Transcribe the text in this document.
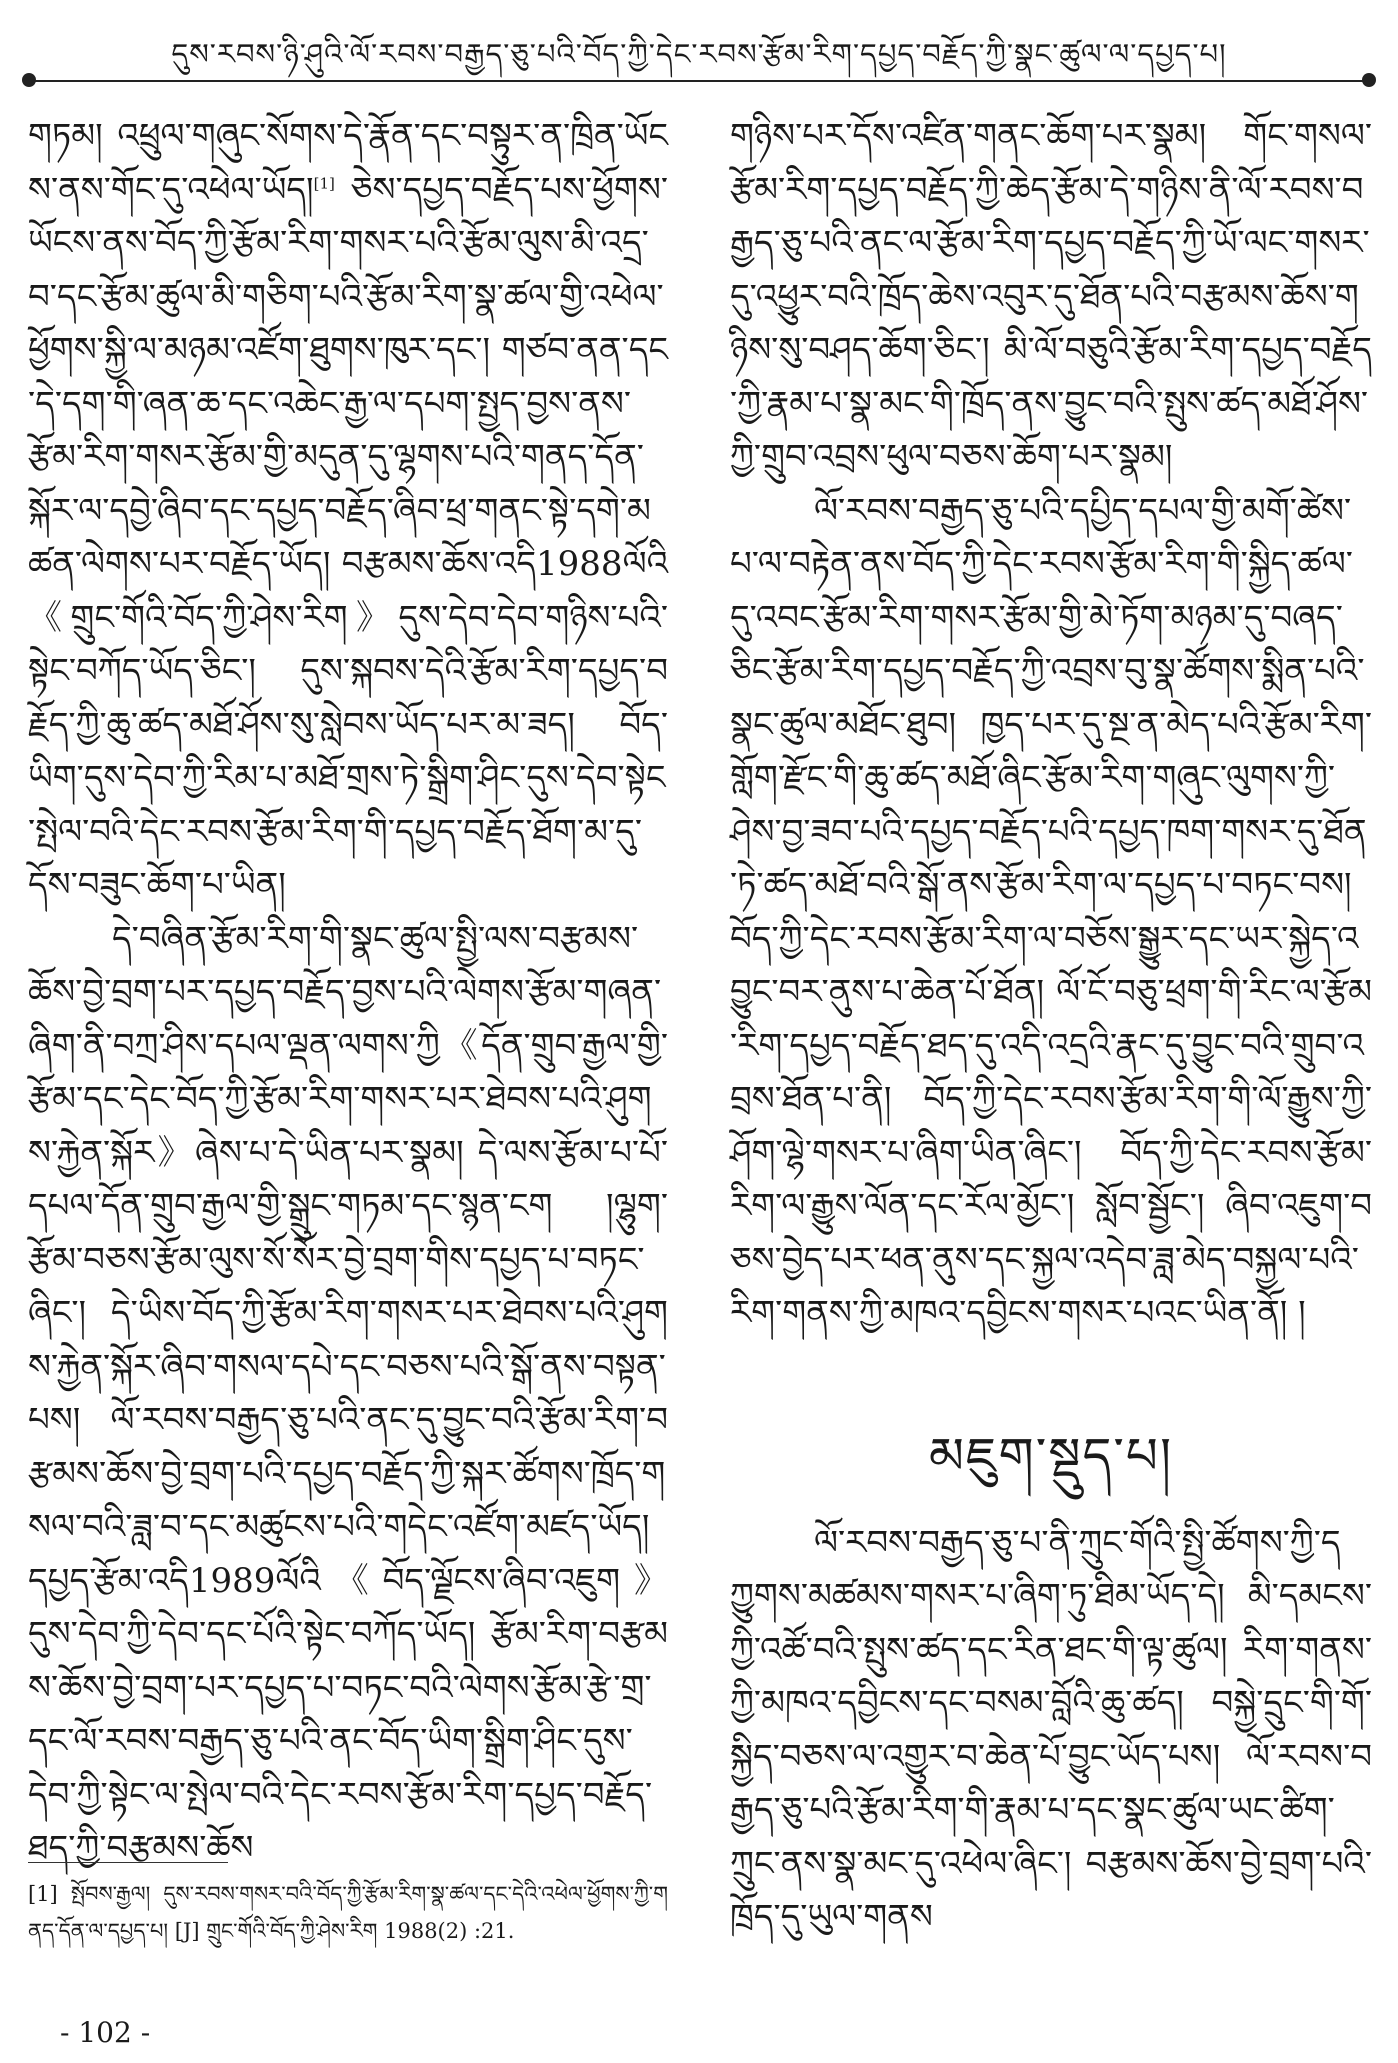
དུས་རབས་ཉི་ཤུའི་ལོ་རབས་བརྒྱད་ཅུ་པའི་བོད་ཀྱི་དེང་རབས་རྩོམ་རིག་དཔྱད་བརྗོད་ཀྱི་སྣང་ཚུལ་ལ་དཔྱད་པ།

གཏམ། འཕྲུལ་གཞུང་སོགས་དེ་རྣོན་དང་བསྟུར་ན་ཁྲིན་ཡོངས་ནས་གོང་དུ་འཕེལ་ཡོད།[1] ཅེས་དཔྱད་བརྗོད་པས་ཕྱོགས་ཡོངས་ནས་བོད་ཀྱི་རྩོམ་རིག་གསར་པའི་རྩོམ་ལུས་མི་འདྲ་བ་དང་རྩོམ་ཚུལ་མི་གཅིག་པའི་རྩོམ་རིག་སྣ་ཚལ་གྱི་འཕེལ་ཕྱོགས་སྐྱི་ལ་མཉམ་འཛོག་ཐུགས་ཁུར་དང་། གཙབ་ནན་དང་དེ་དག་གི་ཞན་ཆ་དང་འཆེང་རྒྱ་ལ་དཔག་སྤྱད་བྱས་ནས་རྩོམ་རིག་གསར་རྩོམ་གྱི་མདུན་དུ་ལྷགས་པའི་གནད་དོན་སྐོར་ལ་དབྱེ་ཞིབ་དང་དཔྱད་བརྗོད་ཞིབ་ཕྲ་གནང་སྟེ་དགེ་མཚན་ལེགས་པར་བརྗོད་ཡོད། བརྩམས་ཆོས་འདི1988ལོའི《གྲུང་གོའི་བོད་ཀྱི་ཤེས་རིག》དུས་དེབ་དེབ་གཉིས་པའི་སྟེང་བཀོད་ཡོད་ཅིང་། དུས་སྐབས་དེའི་རྩོམ་རིག་དཔྱད་བརྗོད་ཀྱི་ཆུ་ཚད་མཐོ་ཤོས་སུ་སླེབས་ཡོད་པར་མ་ཟད། བོད་ཡིག་དུས་དེབ་ཀྱི་རིམ་པ་མཐོ་གྲས་ཏེ་སྒྲིག་ཤིང་དུས་དེབ་སྟེང་སྤེལ་བའི་དེང་རབས་རྩོམ་རིག་གི་དཔྱད་བརྗོད་ཐོག་མ་དུ་དོས་བཟུང་ཆོག་པ་ཡིན།

དེ་བཞིན་རྩོམ་རིག་གི་སྣང་ཚུལ་སྤྱི་ལས་བརྩམས་ཆོས་བྱེ་བྲག་པར་དཔྱད་བརྗོད་བྱས་པའི་ལེགས་རྩོམ་གཞན་ཞིག་ནི་བཀྲ་ཤིས་དཔལ་ལྡན་ལགས་ཀྱི《དོན་གྲུབ་རྒྱལ་གྱི་རྩོམ་དང་དེང་བོད་ཀྱི་རྩོམ་རིག་གསར་པར་ཐེབས་པའི་ཤུགས་རྐྱེན་སྐོར》ཞེས་པ་དེ་ཡིན་པར་སྣམ། དེ་ལས་རྩོམ་པ་པོ་དཔལ་དོན་གྲུབ་རྒྱལ་གྱི་སྒྲུང་གཏམ་དང་སྙན་ངག །ལྷུག་རྩོམ་བཅས་རྩོམ་ལུས་སོ་སོར་བྱེ་བྲག་གིས་དཔྱད་པ་བཏང་ཞིང་། དེ་ཡིས་བོད་ཀྱི་རྩོམ་རིག་གསར་པར་ཐེབས་པའི་ཤུགས་རྐྱེན་སྐོར་ཞིབ་གསལ་དཔེ་དང་བཅས་པའི་སྒོ་ནས་བསྟན་པས། ལོ་རབས་བརྒྱད་ཅུ་པའི་ནང་དུ་བྱུང་བའི་རྩོམ་རིག་བརྩམས་ཆོས་བྱེ་བྲག་པའི་དཔྱད་བརྗོད་ཀྱི་སྐར་ཚོགས་ཁྲོད་གསལ་བའི་ཟླ་བ་དང་མཚུངས་པའི་གདེང་འཛོག་མཛད་ཡོད། དཔྱད་རྩོམ་འདི1989ལོའི《བོད་ལྗོངས་ཞིབ་འཇུག》དུས་དེབ་ཀྱི་དེབ་དང་པོའི་སྟེང་བཀོད་ཡོད། རྩོམ་རིག་བརྩམས་ཆོས་བྱེ་བྲག་པར་དཔྱད་པ་བཏང་བའི་ལེགས་རྩོམ་རྩེ་གྲ་དང་ལོ་རབས་བརྒྱད་ཅུ་པའི་ནང་བོད་ཡིག་སྒྲིག་ཤིང་དུས་དེབ་ཀྱི་སྟེང་ལ་སྤེལ་བའི་དེང་རབས་རྩོམ་རིག་དཔྱད་བརྗོད་ཐད་ཀྱི་བརྩམས་ཆོས

[1] སྤོབས་རྒྱལ། དུས་རབས་གསར་བའི་བོད་ཀྱི་རྩོམ་རིག་སྣ་ཚལ་དང་དེའི་འཕེལ་ཕྱོགས་ཀྱི་གནད་དོན་ལ་དཔྱད་པ། [J] གྲུང་གོའི་བོད་ཀྱི་ཤེས་རིག 1988(2) :21.

གཉིས་པར་དོས་འཛིན་གནང་ཆོག་པར་སྣམ། གོང་གསལ་རྩོམ་རིག་དཔྱད་བརྗོད་ཀྱི་ཆེད་རྩོམ་དེ་གཉིས་ནི་ལོ་རབས་བརྒྱད་ཅུ་པའི་ནང་ལ་རྩོམ་རིག་དཔྱད་བརྗོད་ཀྱི་ཡོ་ལང་གསར་དུ་འཕྱུར་བའི་ཁྲོད་ཆེས་འབུར་དུ་ཐོན་པའི་བརྩམས་ཆོས་གཉིས་སུ་བཤད་ཆོག་ཅིང་། མི་ལོ་བཅུའི་རྩོམ་རིག་དཔྱད་བརྗོད་ཀྱི་རྣམ་པ་སྣ་མང་གི་ཁྲོད་ནས་བྱུང་བའི་སྤུས་ཚད་མཐོ་ཤོས་ཀྱི་གྲུབ་འབྲས་ཕུལ་བཅས་ཆོག་པར་སྣམ།

ལོ་རབས་བརྒྱད་ཅུ་པའི་དཔྱིད་དཔལ་གྱི་མགོ་ཚེས་པ་ལ་བརྟེན་ནས་བོད་ཀྱི་དེང་རབས་རྩོམ་རིག་གི་སྐྱིད་ཚལ་དུ་འབང་རྩོམ་རིག་གསར་རྩོམ་གྱི་མེ་ཏོག་མཉམ་དུ་བཞད་ཅིང་རྩོམ་རིག་དཔྱད་བརྗོད་ཀྱི་འབྲས་བུ་སྣ་ཚོགས་སྨིན་པའི་སྣང་ཚུལ་མཐོང་ཐུབ། ཁྱད་པར་དུ་སྔ་ན་མེད་པའི་རྩོམ་རིག་གློག་རྫོང་གི་ཆུ་ཚད་མཐོ་ཞིང་རྩོམ་རིག་གཞུང་ལུགས་ཀྱི་ཤེས་བྱ་ཟབ་པའི་དཔྱད་བརྗོད་པའི་དཔྱད་ཁག་གསར་དུ་ཐོན་ཏེ་ཚད་མཐོ་བའི་སྒོ་ནས་རྩོམ་རིག་ལ་དཔྱད་པ་བཏང་བས། བོད་ཀྱི་དེང་རབས་རྩོམ་རིག་ལ་བཅོས་སྒྱུར་དང་ཡར་སྐྱེད་འབྱུང་བར་ནུས་པ་ཆེན་པོ་ཐོན། ལོ་ངོ་བཅུ་ཕྲག་གི་རིང་ལ་རྩོམ་རིག་དཔྱད་བརྗོད་ཐད་དུ་འདི་འདྲའི་རྣང་དུ་བྱུང་བའི་གྲུབ་འབྲས་ཐོན་པ་ནི། བོད་ཀྱི་དེང་རབས་རྩོམ་རིག་གི་ལོ་རྒྱུས་ཀྱི་ཤོག་ལྷེ་གསར་པ་ཞིག་ཡིན་ཞིང་། བོད་ཀྱི་དེང་རབས་རྩོམ་རིག་ལ་རྒྱུས་ལོན་དང་རོལ་མྱོང་། སློབ་སྦྱོང་། ཞིབ་འཇུག་བཅས་བྱེད་པར་ཕན་ནུས་དང་སྐྱལ་འདེབ་ཟླ་མེད་བསྐྱལ་པའི་རིག་གནས་ཀྱི་མཁའ་དབྱིངས་གསར་པའང་ཡིན་ནོ། །

མཇུག་སྡུད་པ།

ལོ་རབས་བརྒྱད་ཅུ་པ་ནི་ཀྲུང་གོའི་སྤྱི་ཚོགས་ཀྱི་དཀྱུགས་མཚམས་གསར་པ་ཞིག་ཏུ་ཐིམ་ཡོད་དེ། མི་དམངས་ཀྱི་འཚོ་བའི་སྤུས་ཚད་དང་རིན་ཐང་གི་ལྟ་ཚུལ། རིག་གནས་ཀྱི་མཁའ་དབྱིངས་དང་བསམ་བློའི་ཆུ་ཚད། བསྐྱེ་དྲུང་གི་གོ་སྐྱིད་བཅས་ལ་འགྱུར་བ་ཆེན་པོ་བྱུང་ཡོད་པས། ལོ་རབས་བརྒྱད་ཅུ་པའི་རྩོམ་རིག་གི་རྣམ་པ་དང་སྣང་ཚུལ་ཡང་ཚིག་ཀྲུང་ནས་སྣ་མང་དུ་འཕེལ་ཞིང་། བརྩམས་ཆོས་བྱེ་བྲག་པའི་ཁྲོད་དུ་ཡུལ་གནས

- 102 -
